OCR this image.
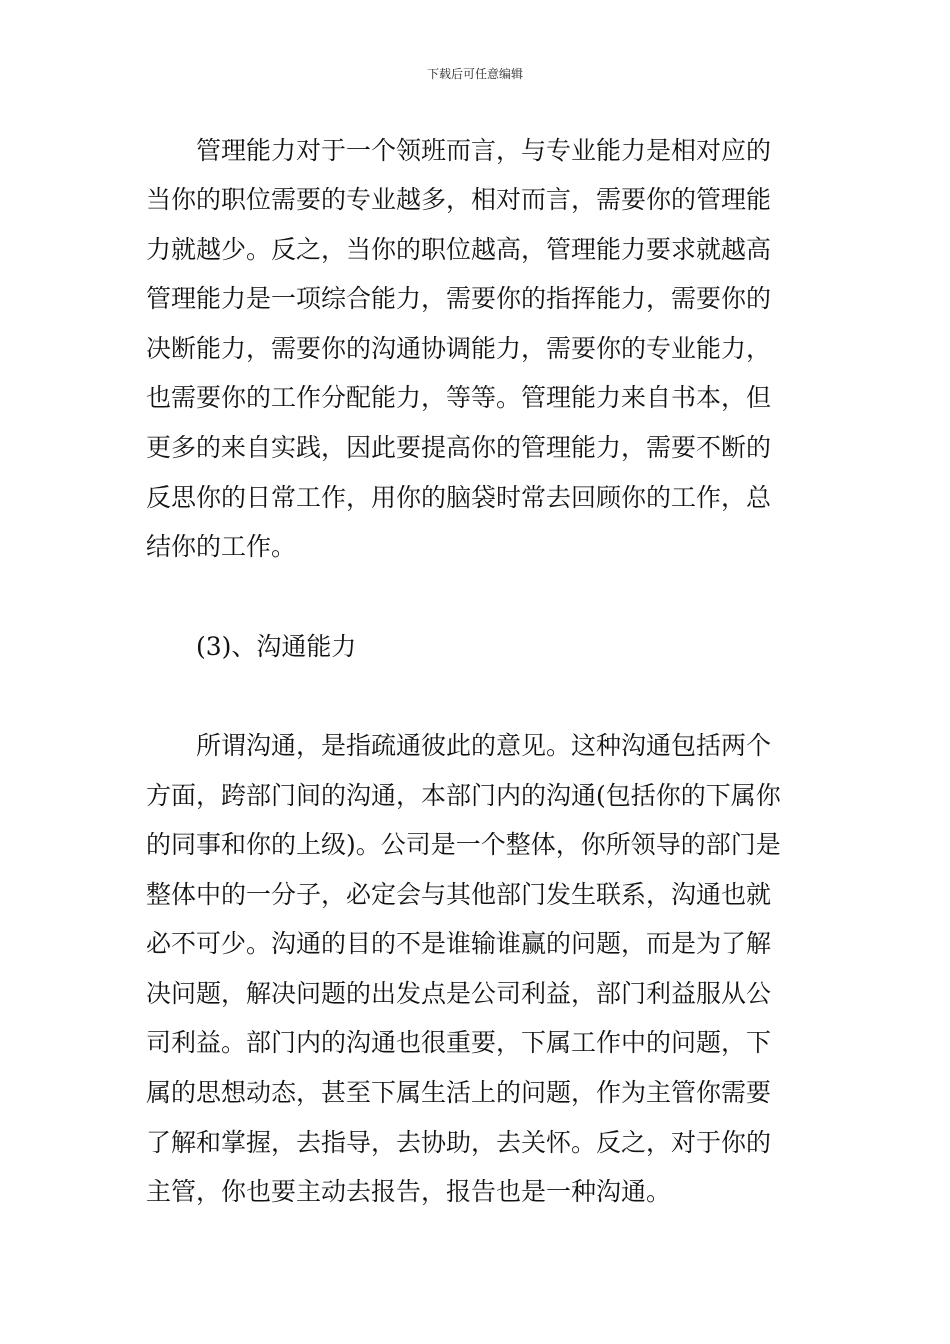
下载后可任意编辑
管理能力对于一个领班而言，与专业能力是相对应的
当你的职位需要的专业越多，相对而言，需要你的管理能
力就越少。反之，当你的职位越高，管理能力要求就越高
管理能力是一项综合能力，需要你的指挥能力，需要你的
决断能力，需要你的沟通协调能力，需要你的专业能力，
也需要你的工作分配能力，等等。管理能力来自书本，但
更多的来自实践，因此要提高你的管理能力，需要不断的
反思你的日常工作，用你的脑袋时常去回顾你的工作，总
结你的工作。
(3)、沟通能力
所谓沟通，是指疏通彼此的意见。这种沟通包括两个
方面，跨部门间的沟通，本部门内的沟通(包括你的下属你
的同事和你的上级)。公司是一个整体，你所领导的部门是
整体中的一分子，必定会与其他部门发生联系，沟通也就
必不可少。沟通的目的不是谁输谁赢的问题，而是为了解
决问题，解决问题的出发点是公司利益，部门利益服从公
司利益。部门内的沟通也很重要，下属工作中的问题，下
属的思想动态，甚至下属生活上的问题，作为主管你需要
了解和掌握，去指导，去协助，去关怀。反之，对于你的
主管，你也要主动去报告，报告也是一种沟通。
